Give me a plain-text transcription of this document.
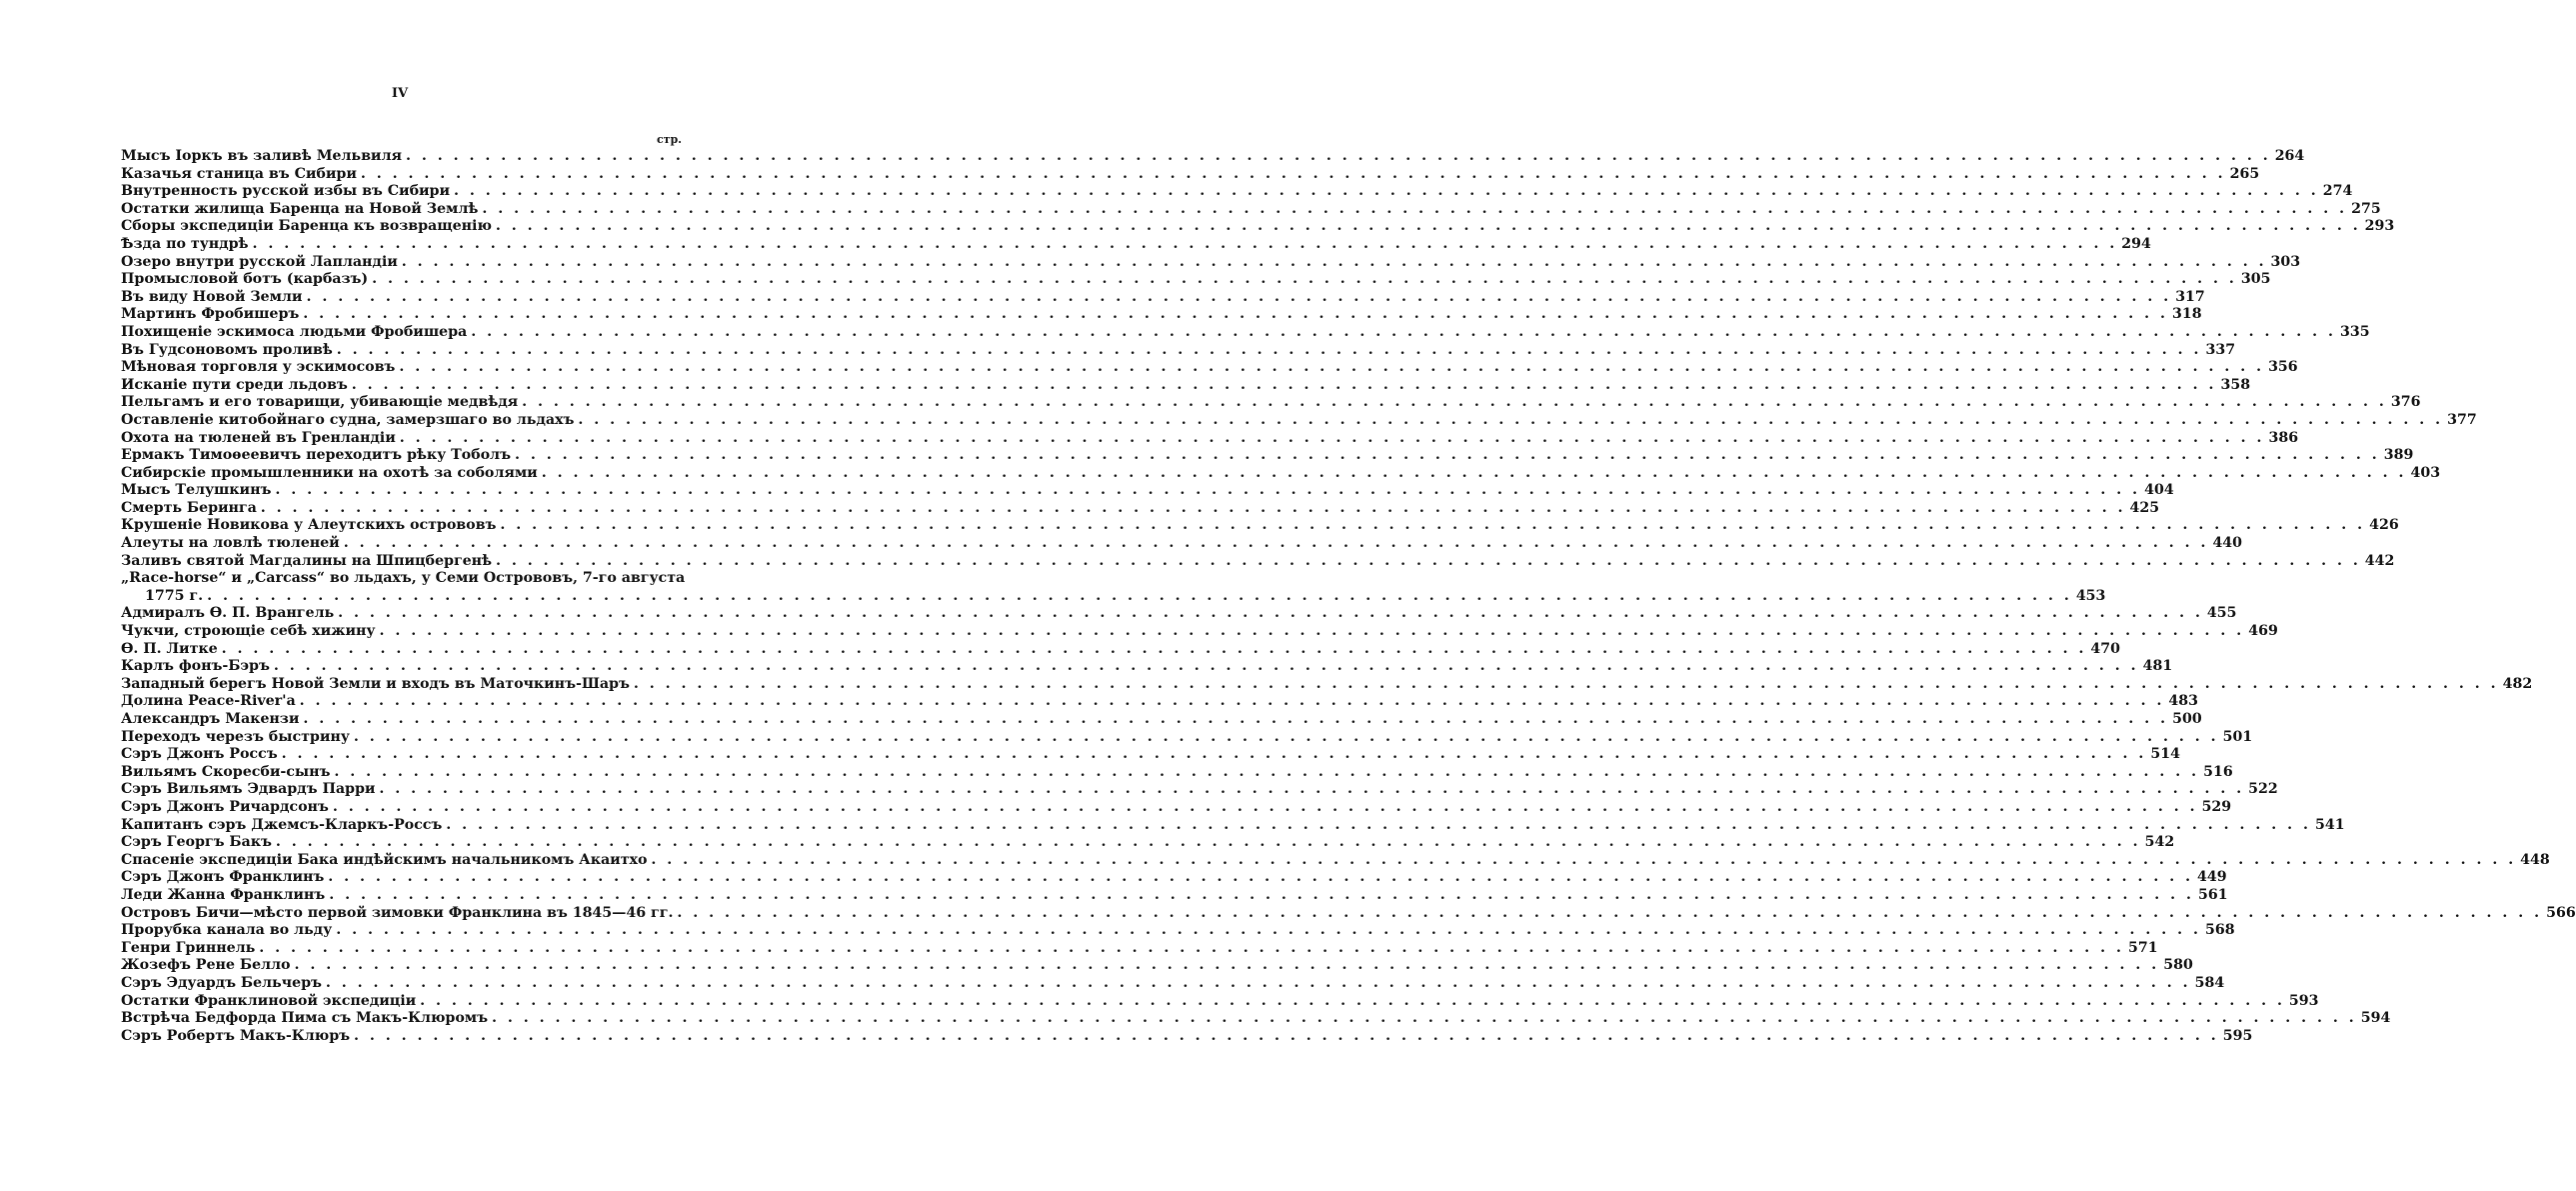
IV
стр.
Мысъ Іоркъ въ заливѣ Мельвиля . . .	264
Казачья станица въ Сибири . . .	265
Внутренность русской избы въ Сибири . . .	274
Остатки жилища Баренца на Новой Землѣ . . .	275
Сборы экспедиціи Баренца къ возвращенію . . .	293
Ѣзда по тундрѣ . . .	294
Озеро внутри русской Лапландіи . . .	303
Промысловой ботъ (карбазъ) . . .	305
Въ виду Новой Земли . . .	317
Мартинъ Фробишеръ . . .	318
Похищеніе эскимоса людьми Фробишера . . .	335
Въ Гудсоновомъ проливѣ . . .	337
Мѣновая торговля у эскимосовъ . . .	356
Исканіе пути среди льдовъ . . .	358
Пельгамъ и его товарищи, убивающіе медвѣдя . . .	376
Оставленіе китобойнаго судна, замерзшаго во льдахъ . . .	377
Охота на тюленей въ Гренландіи . . .	386
Ермакъ Тимоѳеевичъ переходитъ рѣку Тоболъ . . .	389
Сибирскіе промышленники на охотѣ за соболями . . .	403
Мысъ Телушкинъ . . .	404
Смерть Беринга . . .	425
Крушеніе Новикова у Алеутскихъ острововъ . . .	426
Алеуты на ловлѣ тюленей . . .	440
Заливъ святой Магдалины на Шпицбергенѣ . . .	442
„Race-horse“ и „Carcass“ во льдахъ, у Семи Острововъ, 7-го августа
1775 г. . . .	453
Адмиралъ Ѳ. П. Врангель . . .	455
Чукчи, строющіе себѣ хижину . . .	469
Ѳ. П. Литке . . .	470
Карлъ фонъ-Бэръ . . .	481
Западный берегъ Новой Земли и входъ въ Маточкинъ-Шаръ . . .	482
Долина Peace-River'а . . .	483
Александръ Макензи . . .	500
Переходъ черезъ быстрину . . .	501
Сэръ Джонъ Россъ . . .	514
Вильямъ Скоресби-сынъ . . .	516
Сэръ Вильямъ Эдвардъ Парри . . .	522
Сэръ Джонъ Ричардсонъ . . .	529
Капитанъ сэръ Джемсъ-Кларкъ-Россъ . . .	541
Сэръ Георгъ Бакъ . . .	542
Спасеніе экспедиціи Бака индѣйскимъ начальникомъ Акаитхо . . .	448
Сэръ Джонъ Франклинъ . . .	449
Леди Жанна Франклинъ . . .	561
Островъ Бичи—мѣсто первой зимовки Франклина въ 1845—46 гг. . . .	566
Прорубка канала во льду . . .	568
Генри Гриннель . . .	571
Жозефъ Рене Белло . . .	580
Сэръ Эдуардъ Бельчеръ . . .	584
Остатки Франклиновой экспедиціи . . .	593
Встрѣча Бедфорда Пима съ Макъ-Клюромъ . . .	594
Сэръ Робертъ Макъ-Клюръ . . .	595
